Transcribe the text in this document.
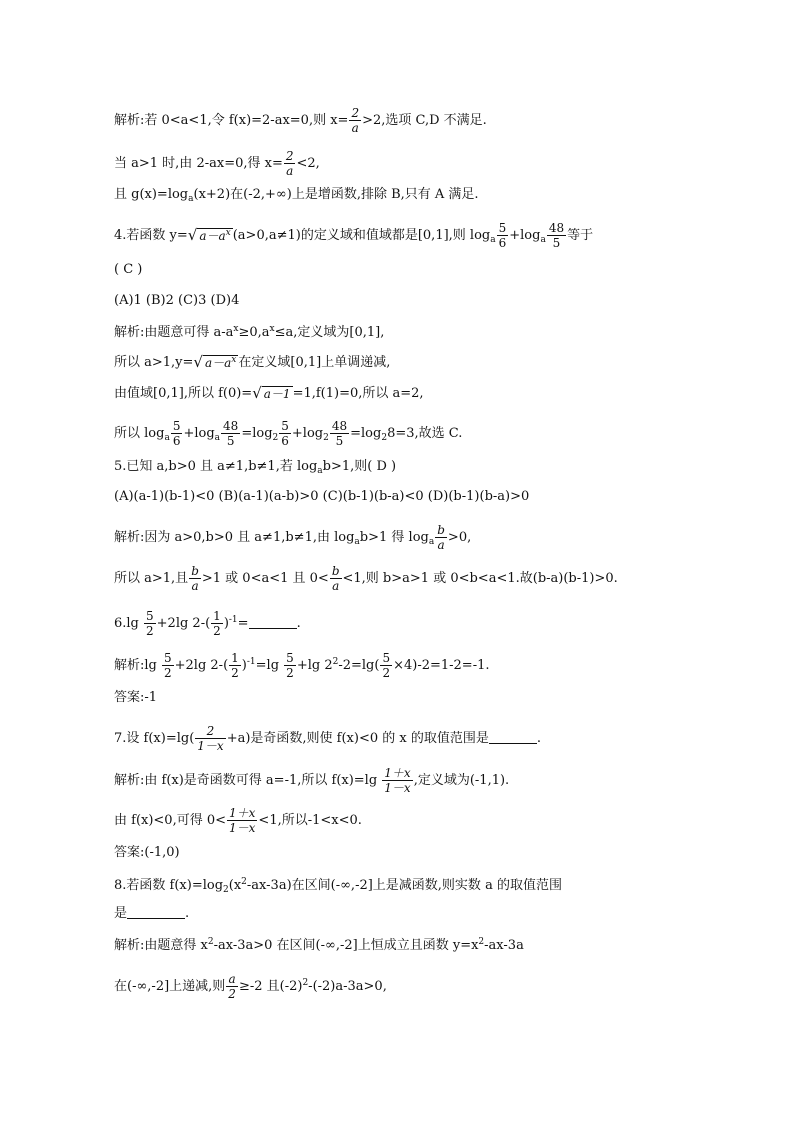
解析:若 0<a<1,令 f(x)=2-ax=0,则 $x= \frac{2}{a} >2$,选项 C,D 不满足.
当 a>1 时,由 2-ax=0,得 $x= \frac{2}{a} <2$,
且 $g(x)=\log_a(x+2)$在(-2,+∞)上是增函数,排除 B,只有 A 满足.
4.若函数 y=√ $a-a^x$ (a>0,a≠1)的定义域和值域都是[0,1],则 $\log_a \frac{5}{6} +\log_a \frac{48}{5}$ 等于
( C )
(A)1 (B)2 (C)3 (D)4
解析:由题意可得 $a-a^x\ge 0,a^x\le a$,定义域为[0,1],
所以 a>1,y=√ $a-a^x$ 在定义域[0,1]上单调递减,
由值域[0,1],所以 f(0)=√ a－1 =1,f(1)=0,所以 a=2,
所以 $\log_a \frac{5}{6} +\log_a \frac{48}{5} =\log_2 \frac{5}{6} +\log_2 \frac{48}{5} =\log_28=3$,故选 C.
5.已知 a,b>0 且 a≠1,b≠1,若 $\log_ab>1$,则( D )
(A)(a-1)(b-1)<0 (B)(a-1)(a-b)>0 (C)(b-1)(b-a)<0 (D)(b-1)(b-a)>0
解析:因为 a>0,b>0 且 a≠1,b≠1,由 $\log_ab>1$ 得 $\log_a \frac{b}{a} >0$,
所以 a>1,且 $\frac{b}{a} >1$ 或 0<a<1 且 $0< \frac{b}{a} <1$,则 b>a>1 或 0<b<a<1.故(b-a)(b-1)>0.
$6.\lg \frac{5}{2} +2\lg$ $2-( \frac{1}{2} )^{-1}=$	.
解析:lg $\frac{5}{2} +2\lg$ $2-( \frac{1}{2} )^{-1}=\lg \frac{5}{2} +\lg$ $2^2-2=\lg( \frac{5}{2} \times 4)-2=1-2=-1$.
答案:-1
7.设 $f(x)=\lg( \frac{2}{1-x} +a)$是奇函数,则使 f(x)<0 的 x 的取值范围是	.
解析:由 f(x)是奇函数可得 a=-1,所以 $f(x)=\lg \frac{1+x}{1-x}$ ,定义域为(-1,1).
由 f(x)<0,可得 $0< \frac{1+x}{1-x} <1$,所以-1<x<0.
答案:(-1,0)
8.若函数 $f(x)=\log_2(x^2-ax-3a)$在区间(-∞,-2]上是减函数,则实数 a 的取值范围
是	.
解析:由题意得 $x^2-ax-3a>0$ 在区间(-∞,-2]上恒成立且函数 $y=x^2-ax-3a$
在(-∞,-2]上递减,则 $\frac{a}{2} \ge-2$ 且$(-2)^2-(-2)a-3a>0$,
